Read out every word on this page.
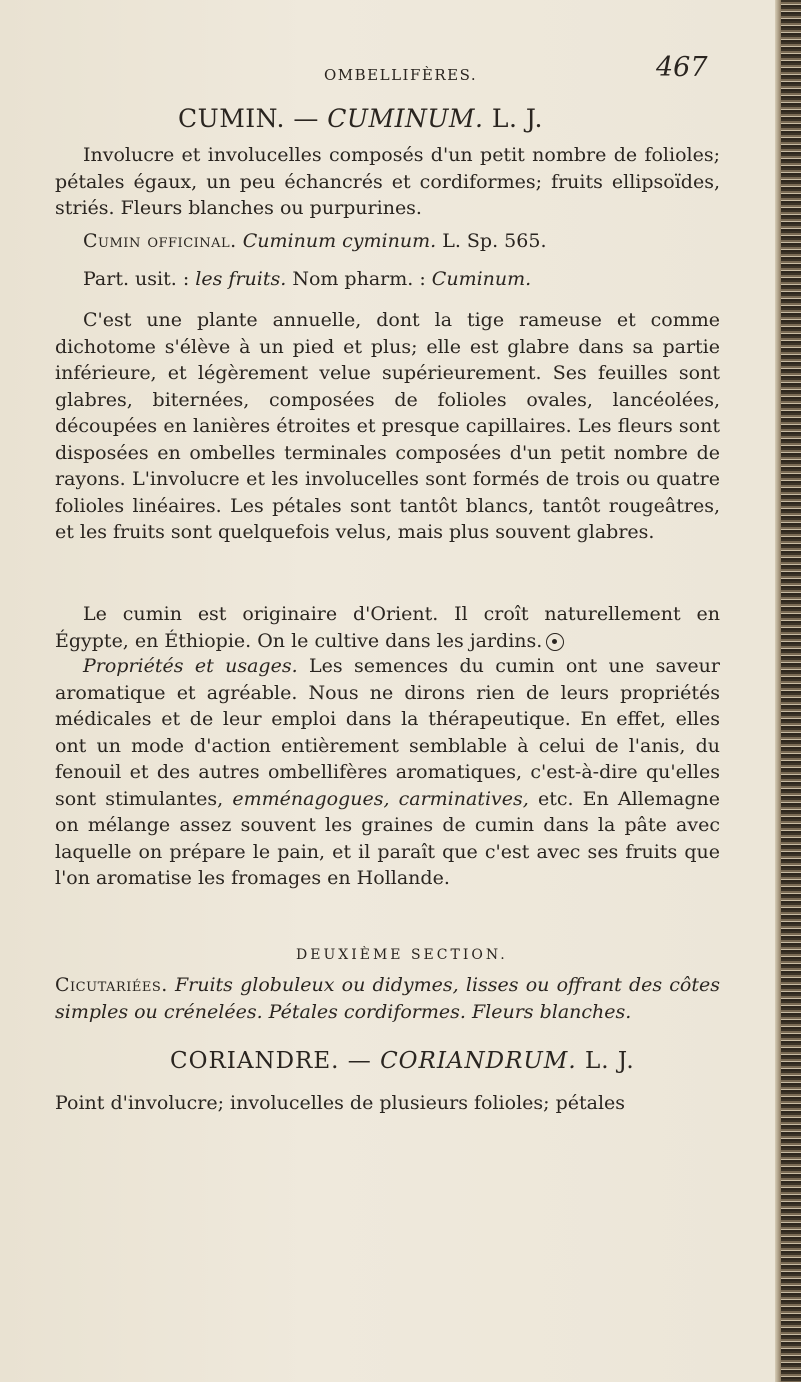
OMBELLIFÈRES.	467
CUMIN. — CUMINUM. L. J.
Involucre et involucelles composés d'un petit nombre de folioles; pétales égaux, un peu échancrés et cordiformes; fruits ellipsoïdes, striés. Fleurs blanches ou purpurines.
Cumin officinal. Cuminum cyminum. L. Sp. 565.
Part. usit. : les fruits. Nom pharm. : Cuminum.
C'est une plante annuelle, dont la tige rameuse et comme dichotome s'élève à un pied et plus; elle est glabre dans sa partie inférieure, et légèrement velue supérieurement. Ses feuilles sont glabres, biternées, composées de folioles ovales, lancéolées, découpées en lanières étroites et presque capillaires. Les fleurs sont disposées en ombelles terminales composées d'un petit nombre de rayons. L'involucre et les involucelles sont formés de trois ou quatre folioles linéaires. Les pétales sont tantôt blancs, tantôt rougeâtres, et les fruits sont quelquefois velus, mais plus souvent glabres.
Le cumin est originaire d'Orient. Il croît naturellement en Égypte, en Éthiopie. On le cultive dans les jardins.
Propriétés et usages. Les semences du cumin ont une saveur aromatique et agréable. Nous ne dirons rien de leurs propriétés médicales et de leur emploi dans la thérapeutique. En effet, elles ont un mode d'action entièrement semblable à celui de l'anis, du fenouil et des autres ombellifères aromatiques, c'est-à-dire qu'elles sont stimulantes, emménagogues, carminatives, etc. En Allemagne on mélange assez souvent les graines de cumin dans la pâte avec laquelle on prépare le pain, et il paraît que c'est avec ses fruits que l'on aromatise les fromages en Hollande.
DEUXIÈME SECTION.
Cicutariées. Fruits globuleux ou didymes, lisses ou offrant des côtes simples ou crénelées. Pétales cordiformes. Fleurs blanches.
CORIANDRE. — CORIANDRUM. L. J.
Point d'involucre; involucelles de plusieurs folioles; pétales
